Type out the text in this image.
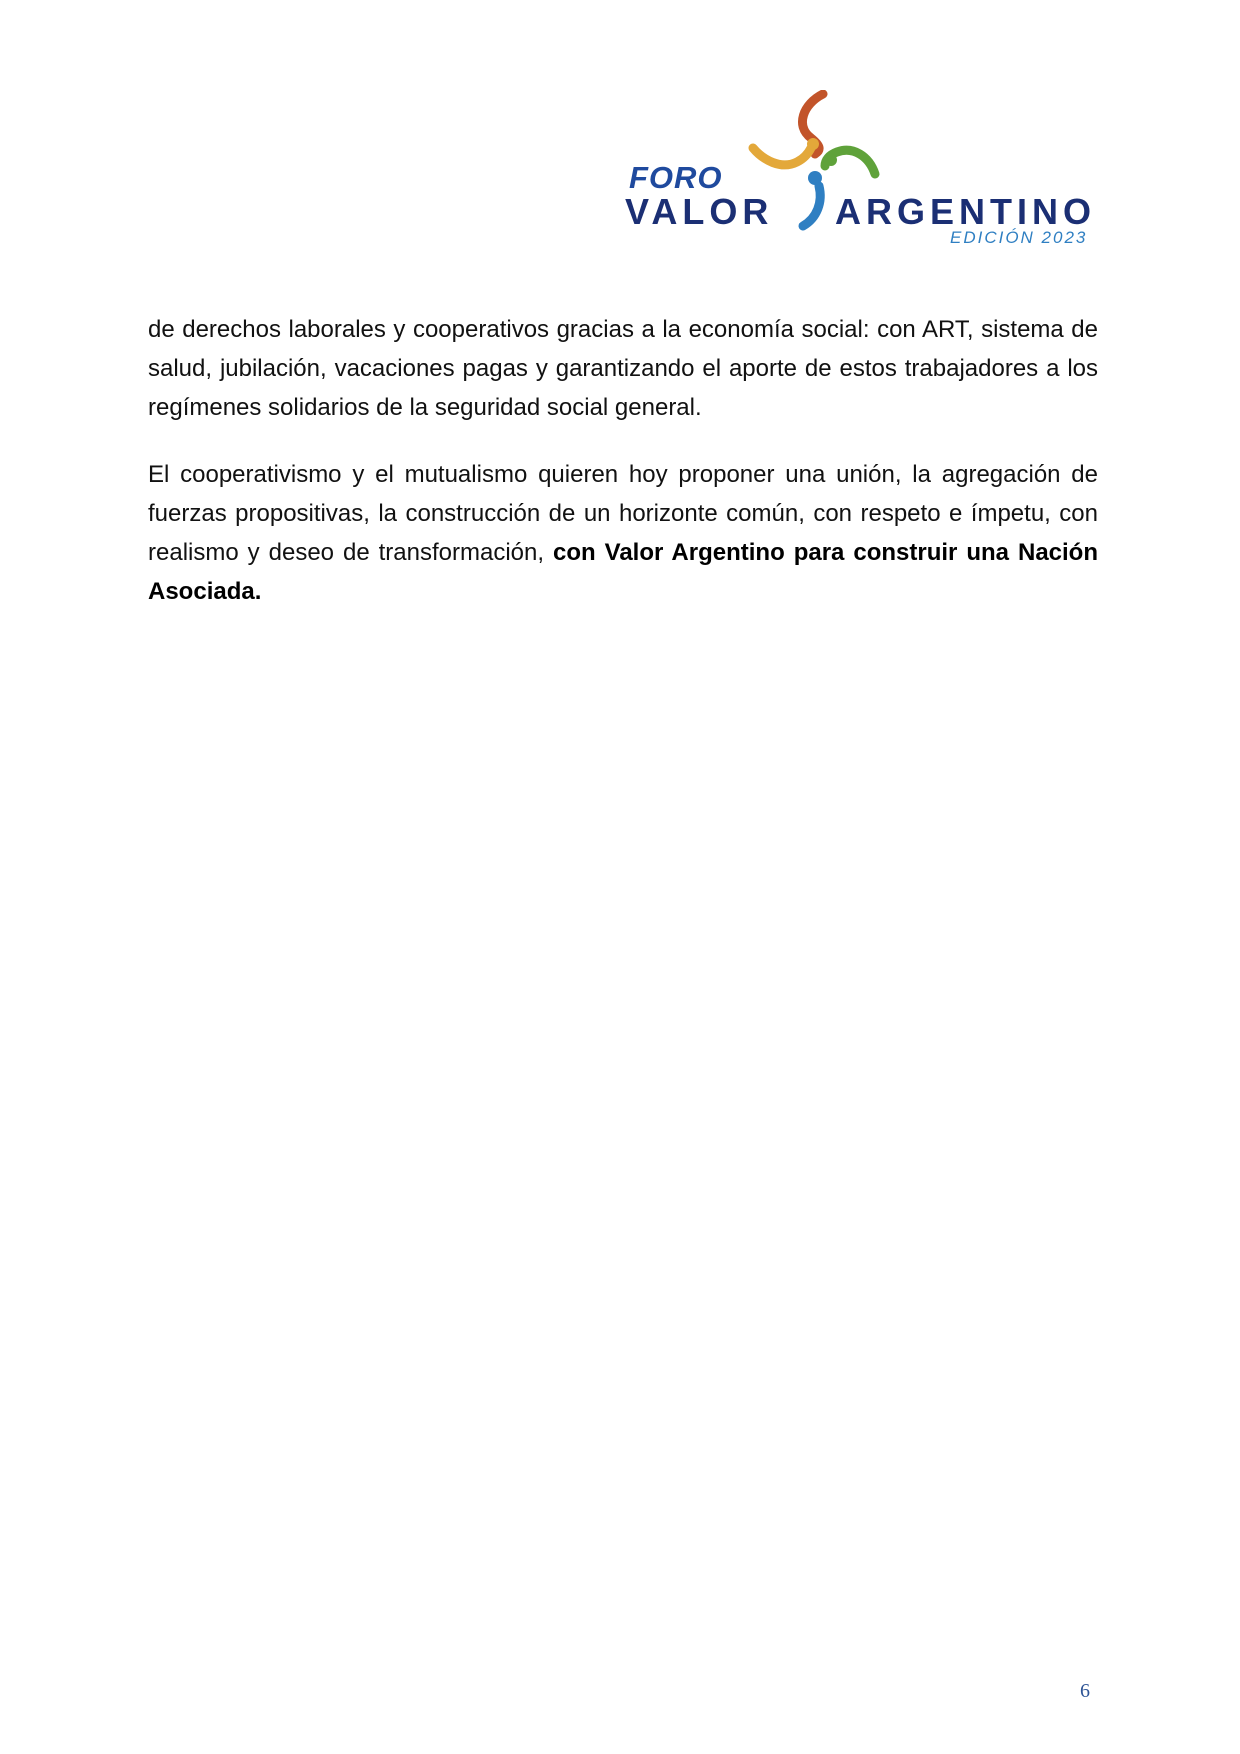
FORO
VALOR ARGENTINO
EDICIÓN 2023

de derechos laborales y cooperativos gracias a la economía social: con ART, sistema de salud, jubilación, vacaciones pagas y garantizando el aporte de estos trabajadores a los regímenes solidarios de la seguridad social general.

El cooperativismo y el mutualismo quieren hoy proponer una unión, la agregación de fuerzas propositivas, la construcción de un horizonte común, con respeto e ímpetu, con realismo y deseo de transformación, con Valor Argentino para construir una Nación Asociada.

6
